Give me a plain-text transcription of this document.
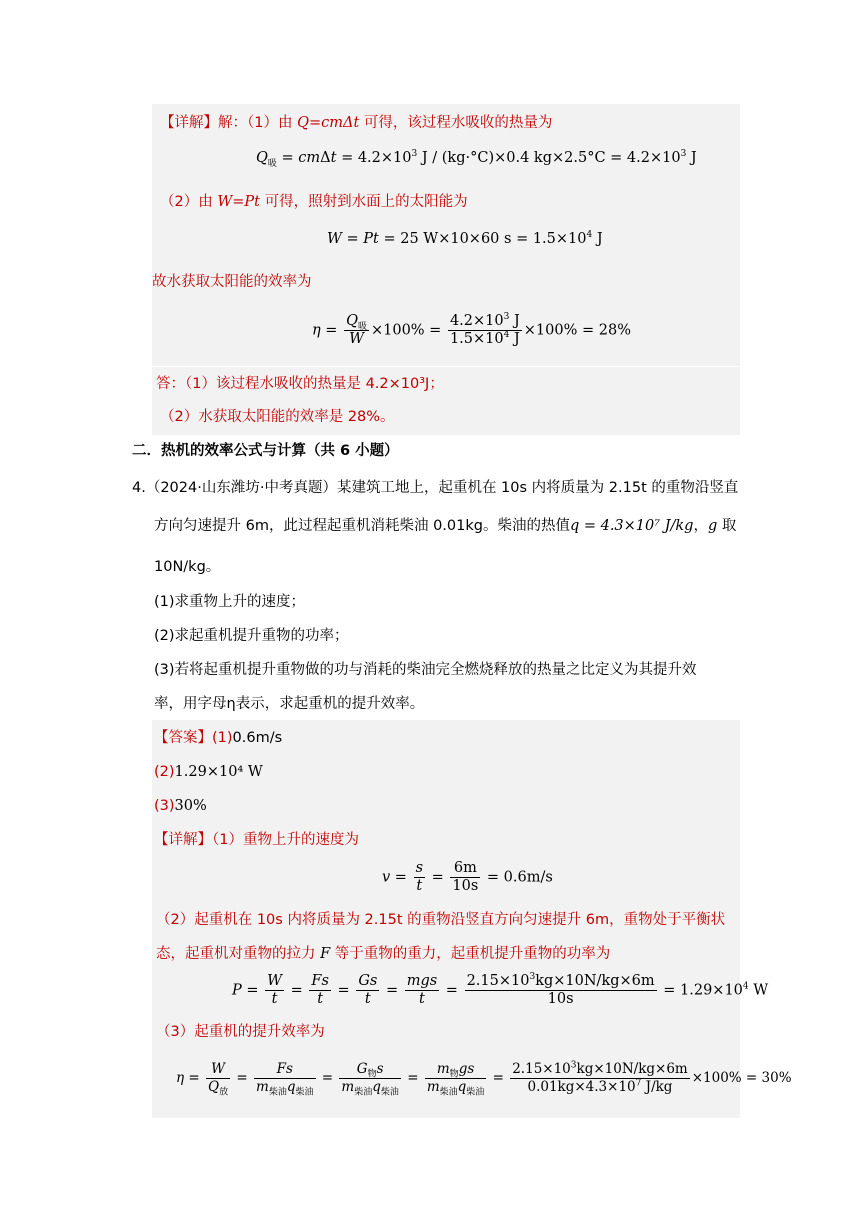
【详解】解：（1）由 Q=cmΔt 可得，该过程水吸收的热量为
$Q_吸 = cm\Delta t = 4.2\times 10^3$ J / (kg·°C)×0.4 $kg\times 2.5^\circ C = 4.2\times 10^3$ J
（2）由 W=Pt 可得，照射到水面上的太阳能为
W = Pt = 25 W×10×60 $s = 1.5\times 10^4$ J
故水获取太阳能的效率为
$\eta = \frac{Q_吸}{W} \times 100\% = \frac{4.2\times 10^3 J}{1.5\times 10^4 J} \times 100\% = 28\%$
答：（1）该过程水吸收的热量是 4.2×10³J；
（2）水获取太阳能的效率是 28%。
二．热机的效率公式与计算（共 6 小题）
4.（2024·山东潍坊·中考真题）某建筑工地上，起重机在 10s 内将质量为 2.15t 的重物沿竖直
方向匀速提升 6m，此过程起重机消耗柴油 0.01kg。柴油的热值q = 4.3×10⁷ J/kg，g 取
10N/kg。
(1)求重物上升的速度；
(2)求起重机提升重物的功率；
(3)若将起重机提升重物做的功与消耗的柴油完全燃烧释放的热量之比定义为其提升效
率，用字母η表示，求起重机的提升效率。
【答案】(1)0.6m/s
(2)1.29×10⁴ W
(3)30%
【详解】（1）重物上升的速度为
$v = \frac{s}{t} = \frac{6m}{10s} = 0.6m/s$
（2）起重机在 10s 内将质量为 2.15t 的重物沿竖直方向匀速提升 6m，重物处于平衡状
态，起重机对重物的拉力 F 等于重物的重力，起重机提升重物的功率为
$P = \frac{W}{t} = \frac{Fs}{t} = \frac{Gs}{t} = \frac{\text{mgs}}{t} = \frac{2.15\times 10^3kg\times 10N/kg\times 6m}{10s} = 1.29\times 10^4$ W
（3）起重机的提升效率为
$\eta = \frac{W}{Q_放} = \frac{Fs}{m_{柴油}q_{柴油}} = \frac{G_物s}{m_{柴油}q_{柴油}} = \frac{m_物gs}{m_{柴油}q_{柴油}} = \frac{2.15\times 10^3kg\times 10N/kg\times 6m}{0.01kg\times 4.3\times 10^7 J/kg} \times 100\% = 30\%$
